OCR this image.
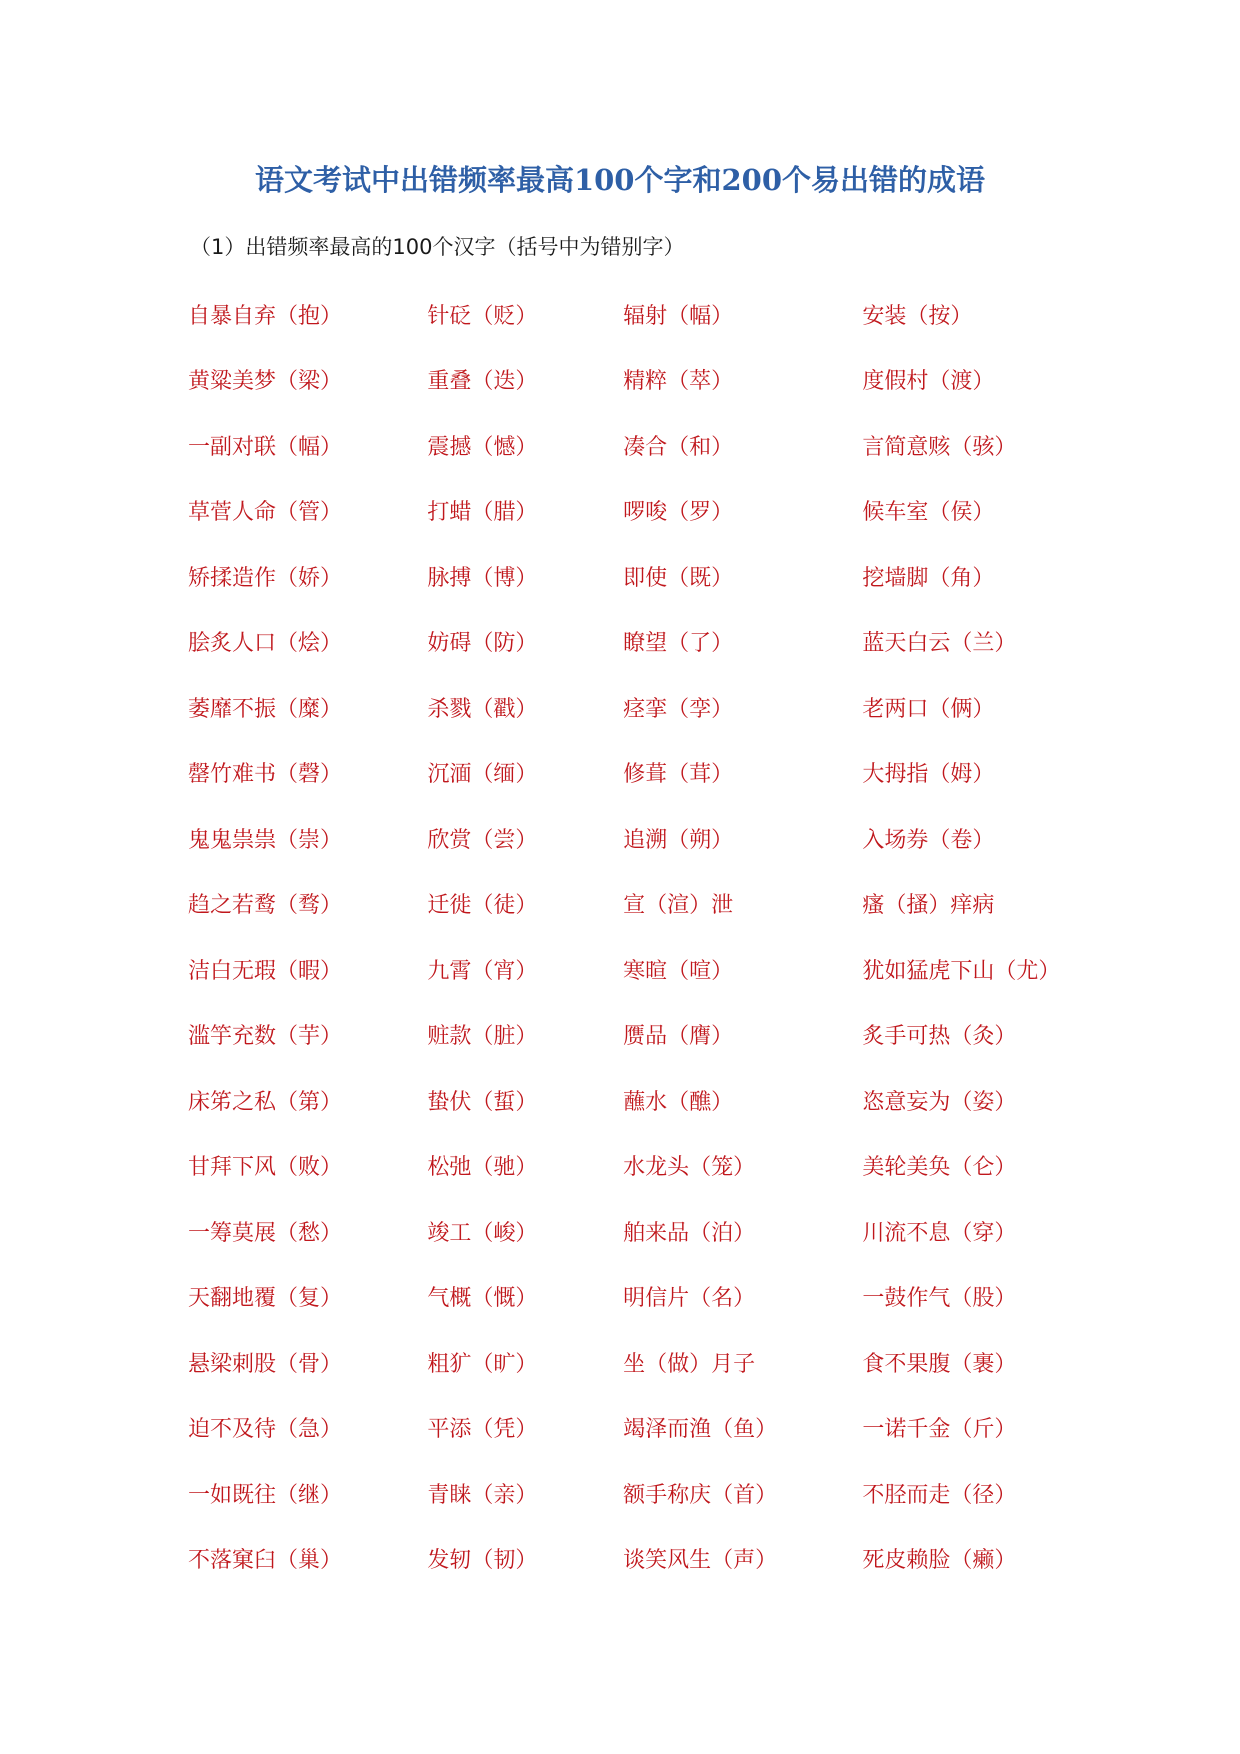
语文考试中出错频率最高100个字和200个易出错的成语
（1）出错频率最高的100个汉字（括号中为错别字）
自暴自弃（抱）	针砭（贬）	辐射（幅）	安装（按）
黄粱美梦（梁）	重叠（迭）	精粹（萃）	度假村（渡）
一副对联（幅）	震撼（憾）	凑合（和）	言简意赅（骇）
草菅人命（管）	打蜡（腊）	啰唆（罗）	候车室（侯）
矫揉造作（娇）	脉搏（博）	即使（既）	挖墙脚（角）
脍炙人口（烩）	妨碍（防）	瞭望（了）	蓝天白云（兰）
萎靡不振（糜）	杀戮（戳）	痉挛（孪）	老两口（俩）
罄竹难书（磬）	沉湎（缅）	修葺（茸）	大拇指（姆）
鬼鬼祟祟（崇）	欣赏（尝）	追溯（朔）	入场券（卷）
趋之若鹜（骛）	迁徙（徒）	宣（渲）泄	瘙（搔）痒病
洁白无瑕（暇）	九霄（宵）	寒暄（喧）	犹如猛虎下山（尤）
滥竽充数（芋）	赃款（脏）	赝品（膺）	炙手可热（灸）
床笫之私（第）	蛰伏（蜇）	蘸水（醮）	恣意妄为（姿）
甘拜下风（败）	松弛（驰）	水龙头（笼）	美轮美奂（仑）
一筹莫展（愁）	竣工（峻）	舶来品（泊）	川流不息（穿）
天翻地覆（复）	气概（慨）	明信片（名）	一鼓作气（股）
悬梁刺股（骨）	粗犷（旷）	坐（做）月子	食不果腹（裹）
迫不及待（急）	平添（凭）	竭泽而渔（鱼）	一诺千金（斤）
一如既往（继）	青睐（亲）	额手称庆（首）	不胫而走（径）
不落窠臼（巢）	发轫（韧）	谈笑风生（声）	死皮赖脸（癞）
